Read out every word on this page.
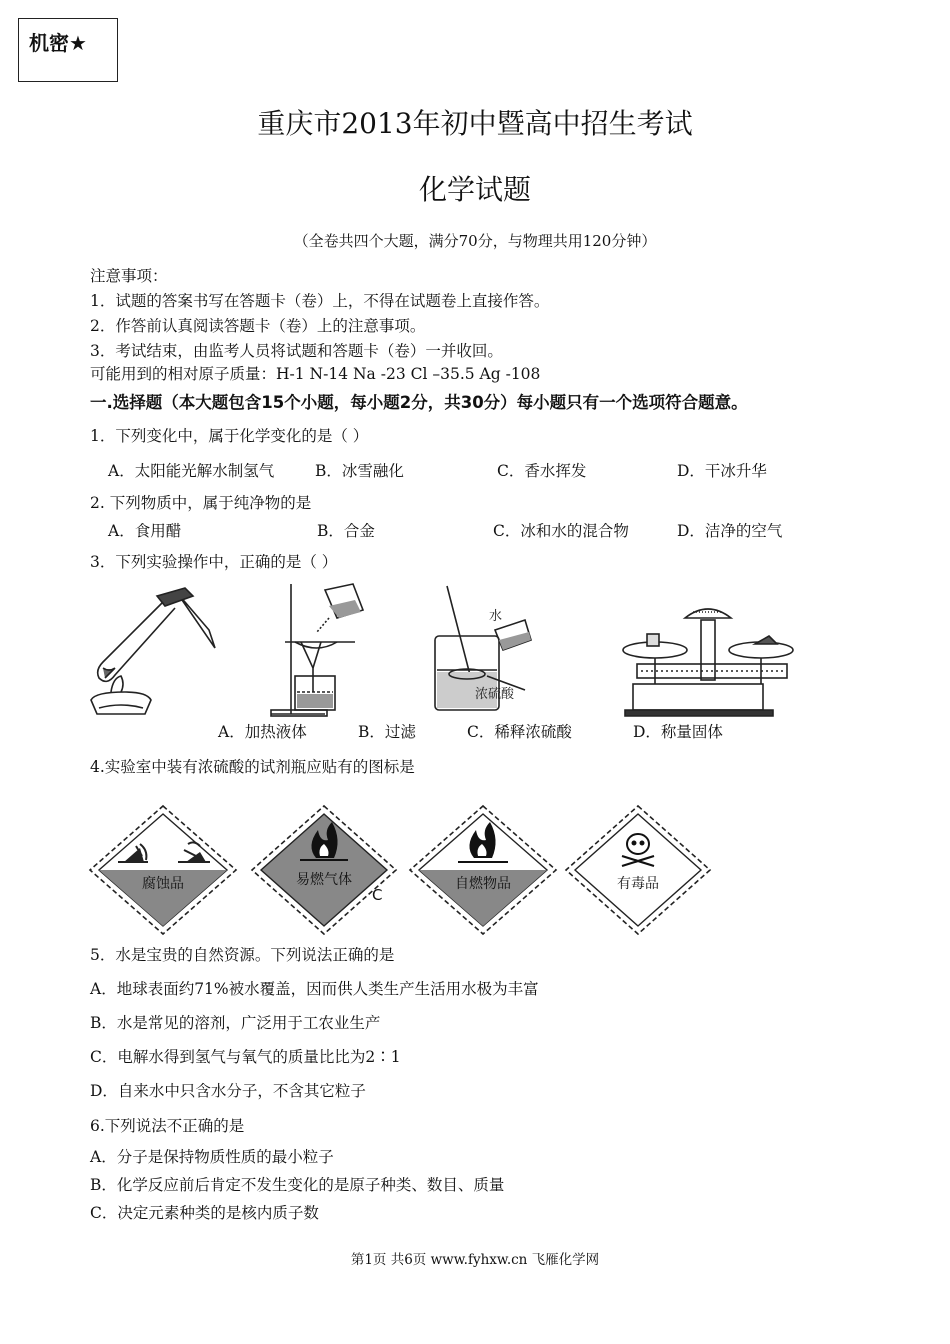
机密★
重庆市2013年初中暨高中招生考试
化学试题
（全卷共四个大题，满分70分，与物理共用120分钟）
注意事项：
1．试题的答案书写在答题卡（卷）上，不得在试题卷上直接作答。
2．作答前认真阅读答题卡（卷）上的注意事项。
3．考试结束，由监考人员将试题和答题卡（卷）一并收回。
可能用到的相对原子质量：H-1 N-14 Na -23 Cl –35.5 Ag -108
一.选择题（本大题包含15个小题，每小题2分，共30分）每小题只有一个选项符合题意。
1．下列变化中，属于化学变化的是（ ）
A．太阳能光解水制氢气	B．冰雪融化	C．香水挥发	D．干冰升华
2. 下列物质中，属于纯净物的是
A．食用醋	B．合金	C．冰和水的混合物	D．洁净的空气
3．下列实验操作中，正确的是（ ）
水
浓硫酸
A．加热液体	B．过滤	C．稀释浓硫酸	D．称量固体
4.实验室中装有浓硫酸的试剂瓶应贴有的图标是
腐蚀品	易燃气体
C
自燃物品	有毒品
5．水是宝贵的自然资源。下列说法正确的是
A．地球表面约71%被水覆盖，因而供人类生产生活用水极为丰富
B．水是常见的溶剂，广泛用于工农业生产
C．电解水得到氢气与氧气的质量比比为2∶1
D．自来水中只含水分子，不含其它粒子
6.下列说法不正确的是
A．分子是保持物质性质的最小粒子
B．化学反应前后肯定不发生变化的是原子种类、数目、质量
C．决定元素种类的是核内质子数
第1页 共6页 www.fyhxw.cn 飞雁化学网
